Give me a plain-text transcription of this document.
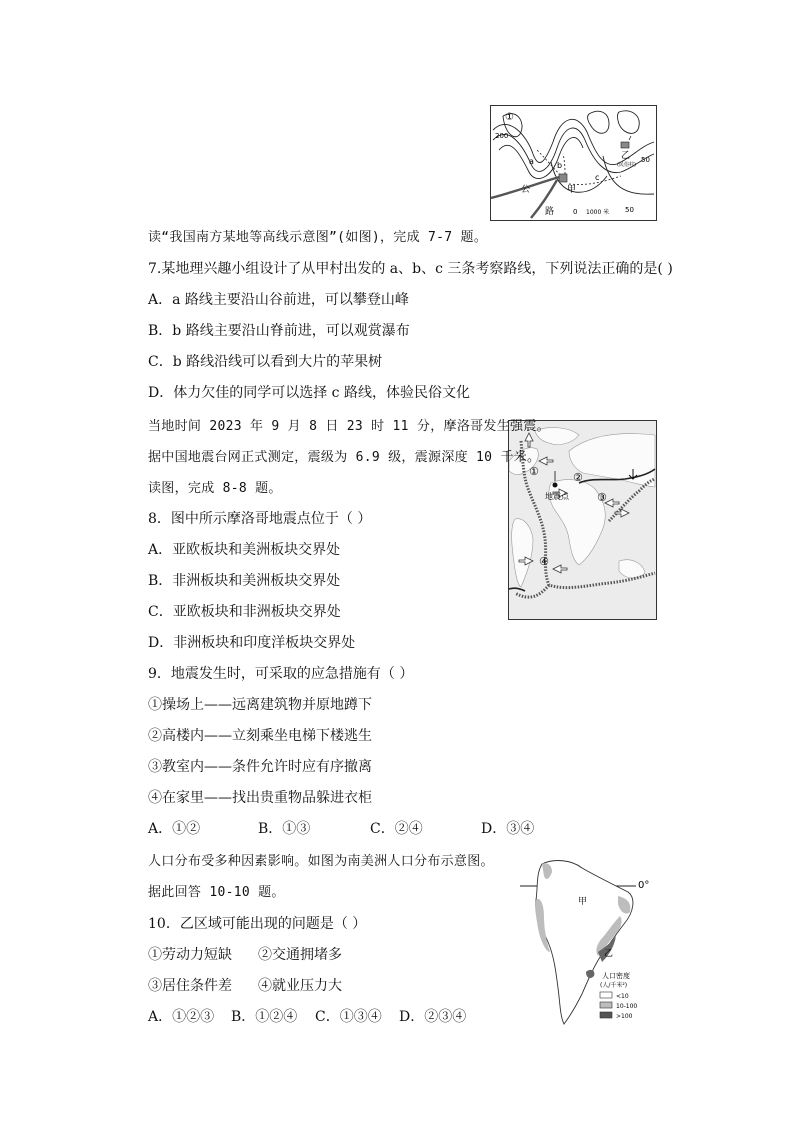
①
200
a	b
c
甲
乙
(民俗村)
50
50
公
路	0 1000 米
读“我国南方某地等高线示意图”(如图)，完成 7-7 题。
7.某地理兴趣小组设计了从甲村出发的 a、b、c 三条考察路线，下列说法正确的是( )
A．a 路线主要沿山谷前进，可以攀登山峰
B．b 路线主要沿山脊前进，可以观赏瀑布
C．b 路线沿线可以看到大片的苹果树
D．体力欠佳的同学可以选择 c 路线，体验民俗文化
①	②
③
④
地震点
当地时间 2023 年 9 月 8 日 23 时 11 分，摩洛哥发生强震。
据中国地震台网正式测定，震级为 6.9 级，震源深度 10 千米。
读图，完成 8-8 题。
8．图中所示摩洛哥地震点位于（ ）
A．亚欧板块和美洲板块交界处
B．非洲板块和美洲板块交界处
C．亚欧板块和非洲板块交界处
D．非洲板块和印度洋板块交界处
9．地震发生时，可采取的应急措施有（ ）
①操场上——远离建筑物并原地蹲下
②高楼内——立刻乘坐电梯下楼逃生
③教室内——条件允许时应有序撤离
④在家里——找出贵重物品躲进衣柜
A．①②	B．①③	C．②④	D．③④
0°
甲
乙
人口密度
(人/千米²)
<10
10-100
>100
人口分布受多种因素影响。如图为南美洲人口分布示意图。
据此回答 10-10 题。
10．乙区域可能出现的问题是（ ）
①劳动力短缺 ②交通拥堵多
③居住条件差 ④就业压力大
A．①②③ B．①②④ C．①③④ D．②③④
